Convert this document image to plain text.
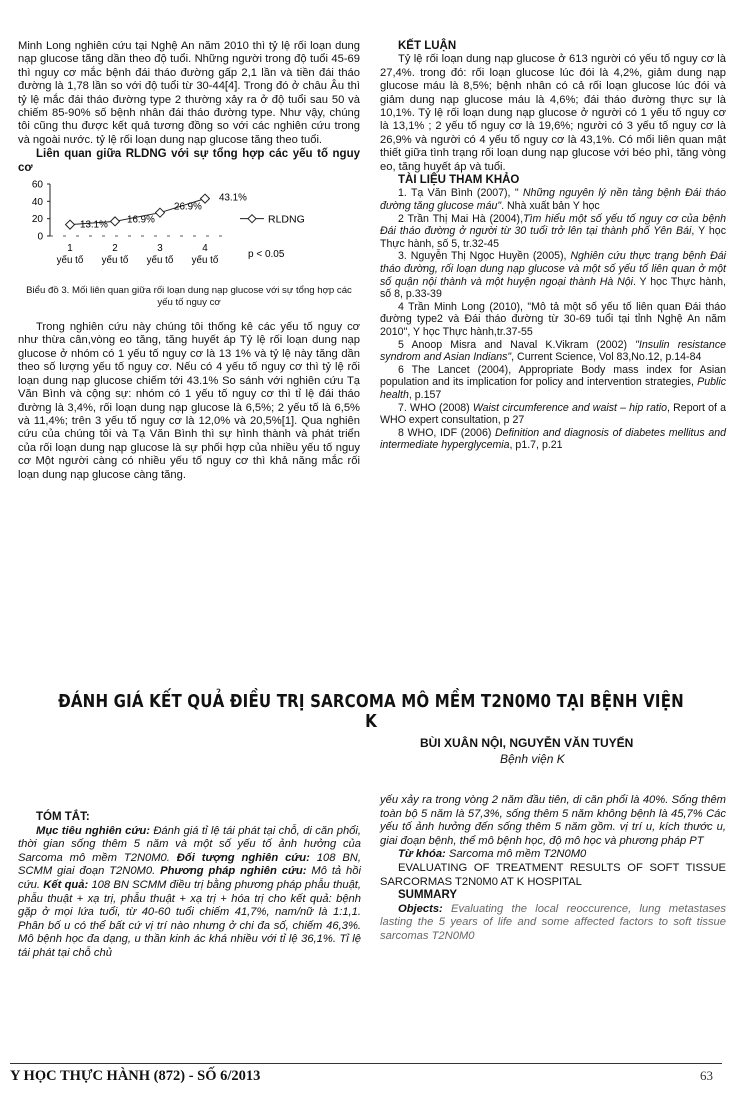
Minh Long nghiên cứu tại Nghệ An năm 2010 thì tỷ lệ rối loạn dung nạp glucose tăng dần theo độ tuổi. Những người trong độ tuổi 45-69 thì nguy cơ mắc bệnh đái tháo đường gấp 2,1 lần và tiền đái tháo đường là 1,78 lần so với độ tuổi từ 30-44[4]. Trong đó ở châu Âu thì tỷ lệ mắc đái tháo đường type 2 thường xảy ra ở độ tuổi sau 50 và chiếm 85-90% số bệnh nhân đái tháo đường type. Như vậy, chúng tôi cũng thu được kết quả tương đồng so với các nghiên cứu trong và ngoài nước. tỷ lệ rối loạn dung nạp glucose tăng theo tuổi.

Liên quan giữa RLDNG với sự tổng hợp các yếu tố nguy cơ

60
40
20
0
13.1% 16.9%
26.9%
43.1%
1 yếu tố
2 yếu tố
3 yếu tố
4 yếu tố
RLDNG
p < 0.05
Biểu đồ 3. Mối liên quan giữa rối loạn dung nạp glucose với sự tổng hợp các yếu tố nguy cơ

Trong nghiên cứu này chúng tôi thống kê các yếu tố nguy cơ như thừa cân,vòng eo tăng, tăng huyết áp Tỷ lệ rối loạn dung nạp glucose ở nhóm có 1 yếu tố nguy cơ là 13 1% và tỷ lệ này tăng dần theo số lượng yếu tố nguy cơ. Nếu có 4 yếu tố nguy cơ thì tỷ lệ rối loạn dung nạp glucose chiếm tới 43.1% So sánh với nghiên cứu Tạ Văn Bình và cộng sự: nhóm có 1 yếu tố nguy cơ thì tỉ lệ đái tháo đường là 3,4%, rối loạn dung nạp glucose là 6,5%; 2 yếu tố là 6,5% và 11,4%; trên 3 yếu tố nguy cơ là 12,0% và 20,5%[1]. Qua nghiên cứu của chúng tôi và Tạ Văn Bình thì sự hình thành và phát triển của rối loạn dung nạp glucose là sự phối hợp của nhiều yếu tố nguy cơ Một người càng có nhiều yếu tố nguy cơ thì khả năng mắc rối loạn dung nạp glucose càng tăng.

KẾT LUẬN

Tỷ lệ rối loạn dung nạp glucose ở 613 người có yếu tố nguy cơ là 27,4%. trong đó: rối loạn glucose lúc đói là 4,2%, giảm dung nạp glucose máu là 8,5%; bệnh nhân có cả rối loạn glucose lúc đói và giảm dung nạp glucose máu là 4,6%; đái tháo đường thực sự là 10,1%. Tỷ lệ rối loạn dung nạp glucose ở người có 1 yếu tố nguy cơ là 13,1% ; 2 yếu tố nguy cơ là 19,6%; người có 3 yếu tố nguy cơ là 26,9% và người có 4 yếu tố nguy cơ là 43,1%. Có mối liên quan mật thiết giữa tình trạng rối loạn dung nạp glucose với béo phì, tăng vòng eo, tăng huyết áp và tuổi.

TÀI LIỆU THAM KHẢO

1. Tạ Văn Bình (2007), " Những nguyên lý nền tảng bệnh Đái tháo đường tăng glucose máu". Nhà xuất bản Y học

2 Trần Thị Mai Hà (2004),Tìm hiểu một số yếu tố nguy cơ của bệnh Đái tháo đường ở người từ 30 tuổi trở lên tại thành phố Yên Bái, Y học Thực hành, số 5, tr.32-45

3. Nguyễn Thị Ngọc Huyền (2005), Nghiên cứu thực trạng bệnh Đái tháo đường, rối loạn dung nạp glucose và một số yếu tố liên quan ở một số quận nội thành và một huyện ngoại thành Hà Nội. Y học Thực hành, số 8, p.33-39

4 Trần Minh Long (2010), "Mô tả một số yếu tố liên quan Đái tháo đường type2 và Đái tháo đường từ 30-69 tuổi tại tỉnh Nghệ An năm 2010", Y học Thực hành,tr.37-55

5 Anoop Misra and Naval K.Vikram (2002) "Insulin resistance syndrom and Asian Indians", Current Science, Vol 83,No.12, p.14-84

6 The Lancet (2004), Appropriate Body mass index for Asian population and its implication for policy and intervention strategies, Public health, p.157

7. WHO (2008) Waist circumference and waist – hip ratio, Report of a WHO expert consultation, p 27

8 WHO, IDF (2006) Definition and diagnosis of diabetes mellitus and intermediate hyperglycemia, p1.7, p.21

ĐÁNH GIÁ KẾT QUẢ ĐIỀU TRỊ SARCOMA MÔ MỀM T2N0M0 TẠI BỆNH VIỆN K
BÙI XUÂN NỘI, NGUYỄN VĂN TUYẾN
Bệnh viện K

TÓM TẮT:

Mục tiêu nghiên cứu: Đánh giá tỉ lệ tái phát tại chỗ, di căn phổi, thời gian sống thêm 5 năm và một số yếu tố ảnh hưởng của Sarcoma mô mềm T2N0M0. Đối tượng nghiên cứu: 108 BN, SCMM giai đoạn T2N0M0. Phương pháp nghiên cứu: Mô tả hồi cứu. Kết quả: 108 BN SCMM điều trị bằng phương pháp phẫu thuật, phẫu thuật + xạ trị, phẫu thuật + xạ trị + hóa trị cho kết quả: bệnh gặp ở mọi lứa tuổi, từ 40-60 tuổi chiếm 41,7%, nam/nữ là 1:1,1. Phân bố u có thể bất cứ vị trí nào nhưng ở chi đa số, chiếm 46,3%. Mô bệnh học đa dạng, u thần kinh ác khá nhiều với tỉ lệ 36,1%. Tỉ lệ tái phát tại chỗ chủ

yếu xảy ra trong vòng 2 năm đầu tiên, di căn phổi là 40%. Sống thêm toàn bộ 5 năm là 57,3%, sống thêm 5 năm không bệnh là 45,7% Các yếu tố ảnh hưởng đến sống thêm 5 năm gồm. vị trí u, kích thước u, giai đoạn bệnh, thể mô bệnh học, độ mô học và phương pháp PT

Từ khóa: Sarcoma mô mềm T2N0M0

EVALUATING OF TREATMENT RESULTS OF SOFT TISSUE SARCORMAS T2N0M0 AT K HOSPITAL

SUMMARY

Objects: Evaluating the local reoccurence, lung metastases lasting the 5 years of life and some affected factors to soft tissue sarcomas T2N0M0

Y HỌC THỰC HÀNH (872) - SỐ 6/2013	63
